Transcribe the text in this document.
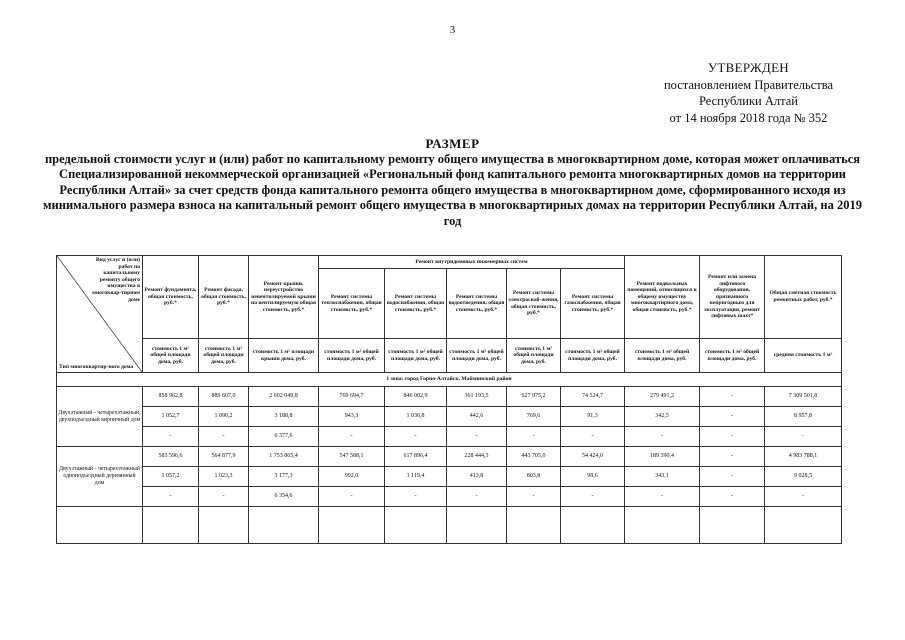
3
УТВЕРЖДЕН
постановлением Правительства
Республики Алтай
от 14 ноября 2018 года № 352
РАЗМЕР
предельной стоимости услуг и (или) работ по капитальному ремонту общего имущества в многоквартирном доме, которая может оплачиваться Специализированной некоммерческой организацией «Региональный фонд капитального ремонта многоквартирных домов на территории Республики Алтай» за счет средств фонда капитального ремонта общего имущества в многоквартирном доме, сформированного исходя из минимального размера взноса на капитальный ремонт общего имущества в многоквартирных домах на территории Республики Алтай, на 2019 год
Вид услуг и (или) работ по капитальному ремонту общего имущества в многоквар-тирном доме
Тип многоквартир-ного дома	Ремонт фундамента, общая стоимость, руб.*	Ремонт фасада, общая стоимость, руб.*	Ремонт крыши, переустройство невентилируемой крыши на вентилируемую общая стоимость, руб.*	Ремонт внутридомовых инженерных систем					Ремонт подвальных помещений, относящихся к общему имуществу многоквартирного дома, общая стоимость, руб.*	Ремонт или замена лифтового оборудования, признанного непригодным для эксплуатации, ремонт лифтовых шахт*	Общая сметная стоимость ремонтных работ, руб.*
				Ремонт системы теплоснабжения, общая стоимость, руб.*	Ремонт системы водоснабжения, общая стоимость, руб.*	Ремонт системы водоотведения, общая стоимость, руб.*	Ремонт системы электроснаб-жения, общая стоимость, руб.*	Ремонт системы газоснабжения, общая стоимость, руб.*			
	стоимость 1 м² общей площади дома, руб.	стоимость 1 м² общей площади дома, руб.	стоимость 1 м² площади крыши дома, руб.	стоимость 1 м² общей площади дома, руб.	стоимость 1 м² общей площади дома, руб.	стоимость 1 м² общей площади дома, руб.	стоимость 1 м² общей площади дома, руб.	стоимость 1 м² общей площади дома, руб.	стоимость 1 м² общей площади дома, руб.	стоимость 1 м² общей площади дома, руб.	средняя стоимость 1 м²
1 зона: город Горно-Алтайск, Майминский район											
Двухэтажный - четырехэтажный, двухподъездный кирпичный дом	858 962,8	889 607,0	2 602 049,8	769 694,7	846 002,9	361 193,5	627 975,2	74 524,7	279 491,2	-	7 309 501,8
	1 052,7	1 090,2	3 188,8	943,3	1 036,8	442,6	769,6	91,3	342,5	-	8 957,8
	-	-	6 377,6	-	-	-	-	-	-	-	-
Двухэтажный - четырехэтажный одноподъездный деревянный дом	583 596,6	564 877,9	1 753 865,4	547 588,1	617 896,4	228 444,3	443 705,0	54 424,0	189 390,4	-	4 983 788,1
	1 057,2	1 023,3	3 177,3	992,0	1 119,4	413,8	803,8	98,6	343,1	-	9 028,5
	-	-	6 354,6	-	-	-	-	-	-	-	-
